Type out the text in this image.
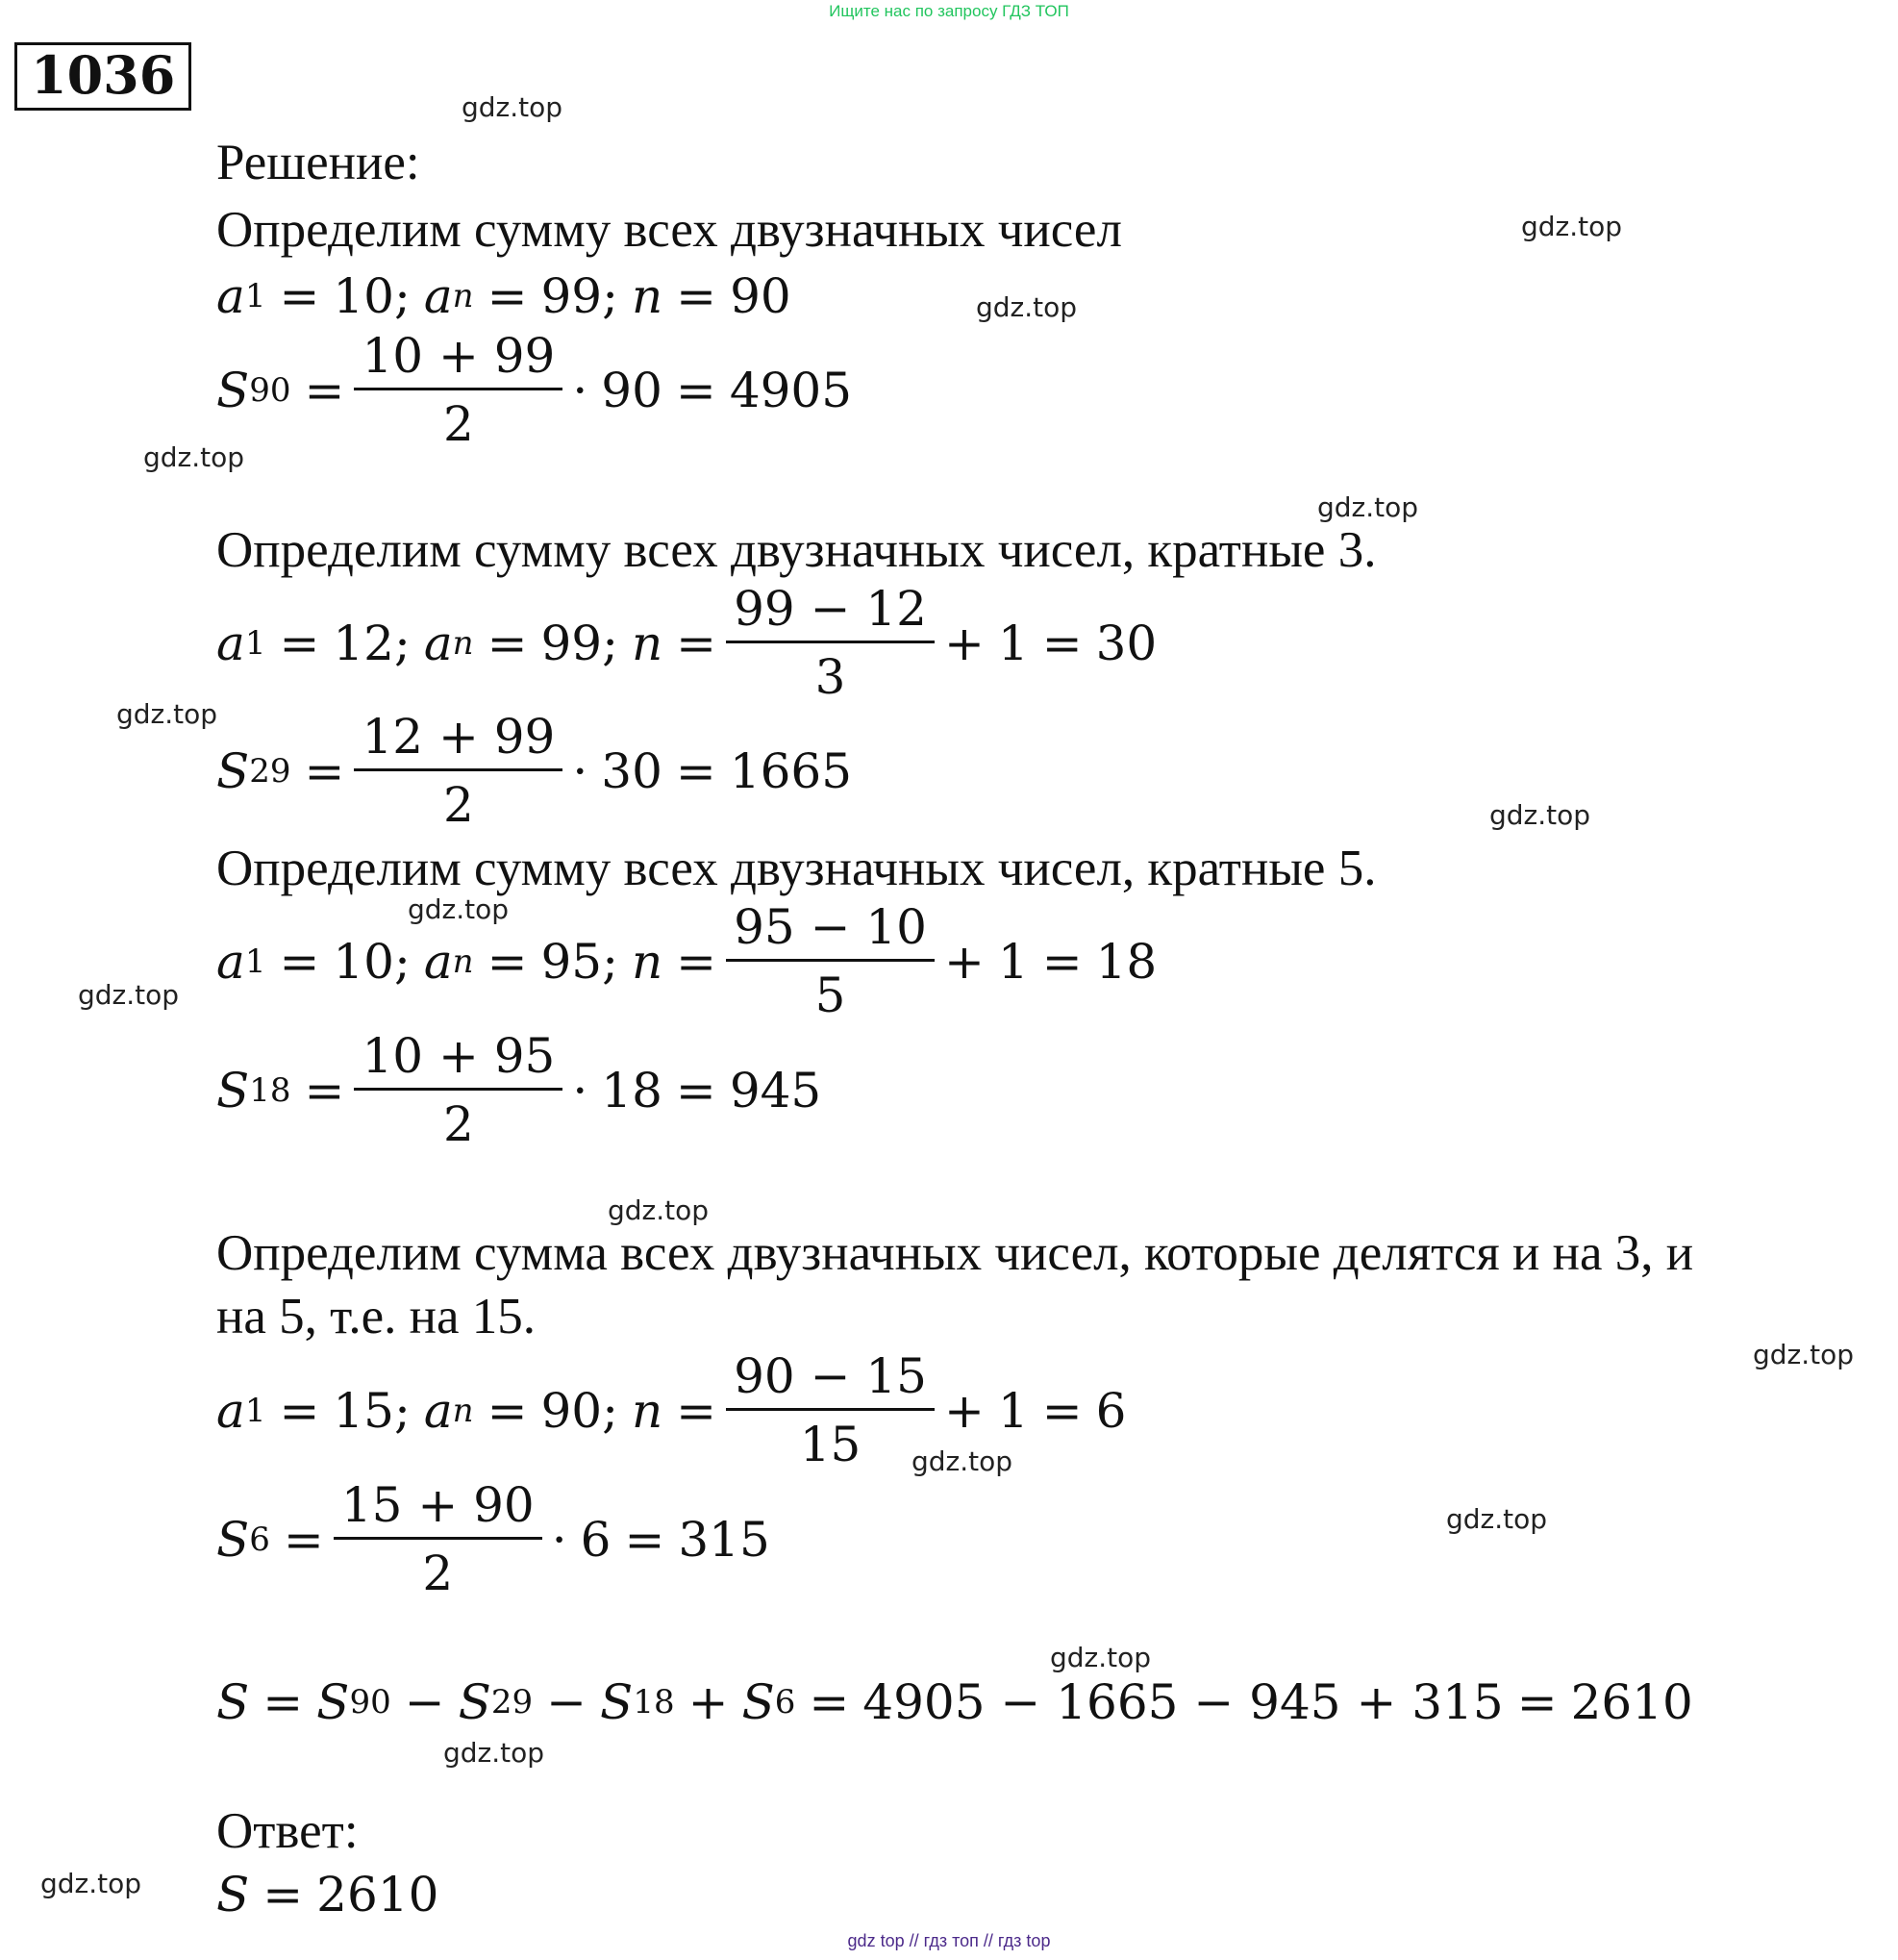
Ищите нас по запросу ГДЗ ТОП
1036
Решение:
Определим сумму всех двузначных чисел
a 1 = 10 ; a n = 99 ; n = 90
S $90 = \frac{10 + 99}{2} \cdot 90 = 4905$
Определим сумму всех двузначных чисел, кратные 3.
a 1 = 12 ; a n = 99 ; $n = \frac{99 - 12}{3} + 1 = 30$
S $29 = \frac{12 + 99}{2} \cdot 30 = 1665$
Определим сумму всех двузначных чисел, кратные 5.
a 1 = 10 ; a n = 95 ; $n = \frac{95 - 10}{5} + 1 = 18$
S $18 = \frac{10 + 95}{2} \cdot 18 = 945$
Определим сумма всех двузначных чисел, которые делятся и на 3, и
на 5, т.е. на 15.
a 1 = 15 ; a n = 90 ; $n = \frac{90 - 15}{15} + 1 = 6$
S $6 = \frac{15 + 90}{2} \cdot 6 = 315$
S = S 90 − S 29 − S 18 + S 6 = 4905 − 1665 − 945 + 315 = 2610
Ответ:
S = 2610
gdz.top
gdz.top
gdz.top
gdz.top
gdz.top
gdz.top
gdz.top
gdz.top
gdz.top
gdz.top
gdz.top
gdz.top
gdz.top
gdz.top
gdz.top
gdz.top
gdz top // гдз топ // гдз top
